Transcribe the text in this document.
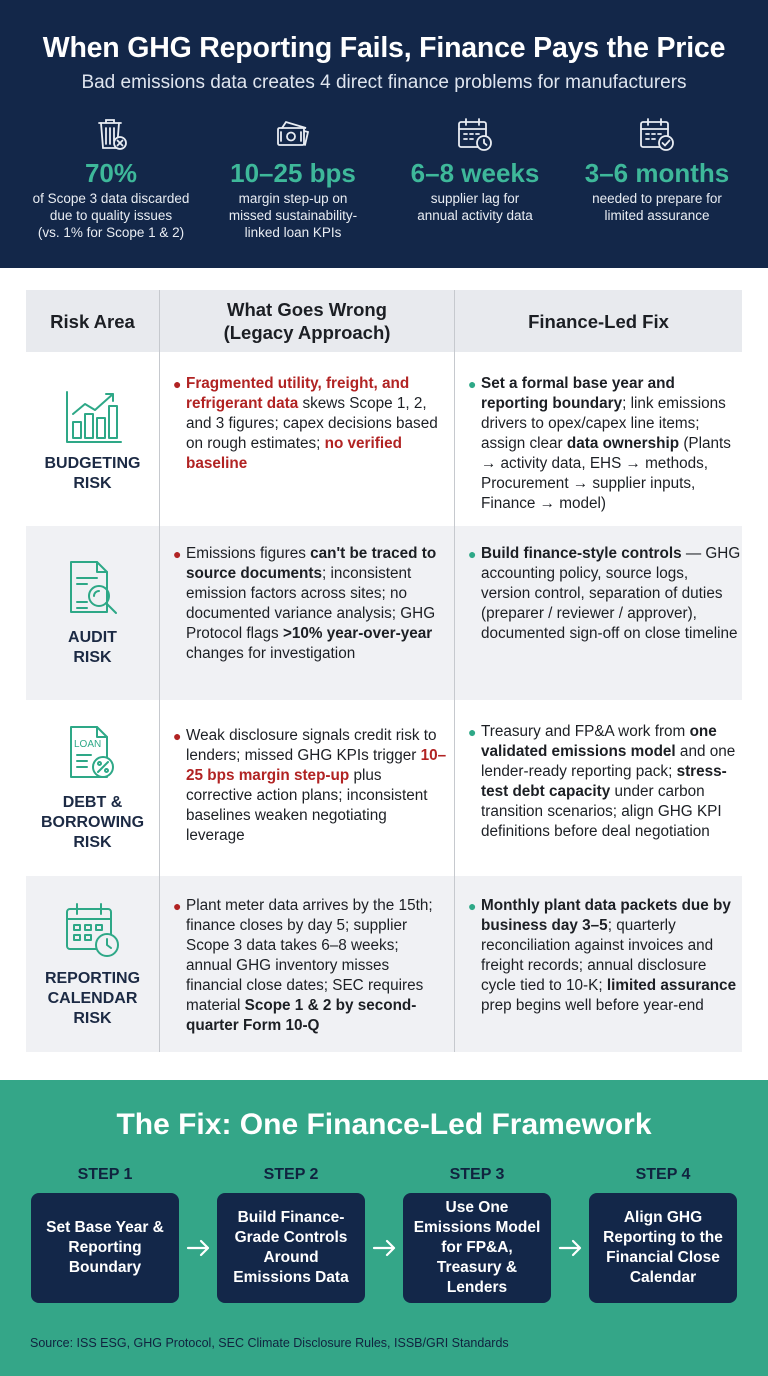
When GHG Reporting Fails, Finance Pays the Price
Bad emissions data creates 4 direct finance problems for manufacturers
70%
of Scope 3 data discarded
due to quality issues
(vs. 1% for Scope 1 & 2)
10–25 bps
margin step-up on
missed sustainability-
linked loan KPIs
6–8 weeks
supplier lag for
annual activity data
3–6 months
needed to prepare for
limited assurance
Risk Area
What Goes Wrong
(Legacy Approach)
Finance-Led Fix
BUDGETING
RISK
● Fragmented utility, freight, and refrigerant data skews Scope 1, 2, and 3 figures; capex decisions based on rough estimates; no verified baseline
● Set a formal base year and reporting boundary; link emissions drivers to opex/capex line items; assign clear data ownership (Plants → activity data, EHS → methods, Procurement → supplier inputs, Finance → model)
AUDIT
RISK
● Emissions figures can't be traced to source documents; inconsistent emission factors across sites; no documented variance analysis; GHG Protocol flags >10% year-over-year changes for investigation
● Build finance-style controls — GHG accounting policy, source logs, version control, separation of duties (preparer / reviewer / approver), documented sign-off on close timeline
LOAN
DEBT &
BORROWING
RISK
● Weak disclosure signals credit risk to lenders; missed GHG KPIs trigger 10–25 bps margin step-up plus corrective action plans; inconsistent baselines weaken negotiating leverage
● Treasury and FP&A work from one validated emissions model and one lender-ready reporting pack; stress-test debt capacity under carbon transition scenarios; align GHG KPI definitions before deal negotiation
REPORTING
CALENDAR
RISK
● Plant meter data arrives by the 15th; finance closes by day 5; supplier Scope 3 data takes 6–8 weeks; annual GHG inventory misses financial close dates; SEC requires material Scope 1 & 2 by second-quarter Form 10-Q
● Monthly plant data packets due by business day 3–5; quarterly reconciliation against invoices and freight records; annual disclosure cycle tied to 10-K; limited assurance prep begins well before year-end
The Fix: One Finance-Led Framework
STEP 1
Set Base Year & Reporting Boundary
STEP 2
Build Finance-Grade Controls Around Emissions Data
STEP 3
Use One Emissions Model for FP&A, Treasury & Lenders
STEP 4
Align GHG Reporting to the Financial Close Calendar
Source: ISS ESG, GHG Protocol, SEC Climate Disclosure Rules, ISSB/GRI Standards
